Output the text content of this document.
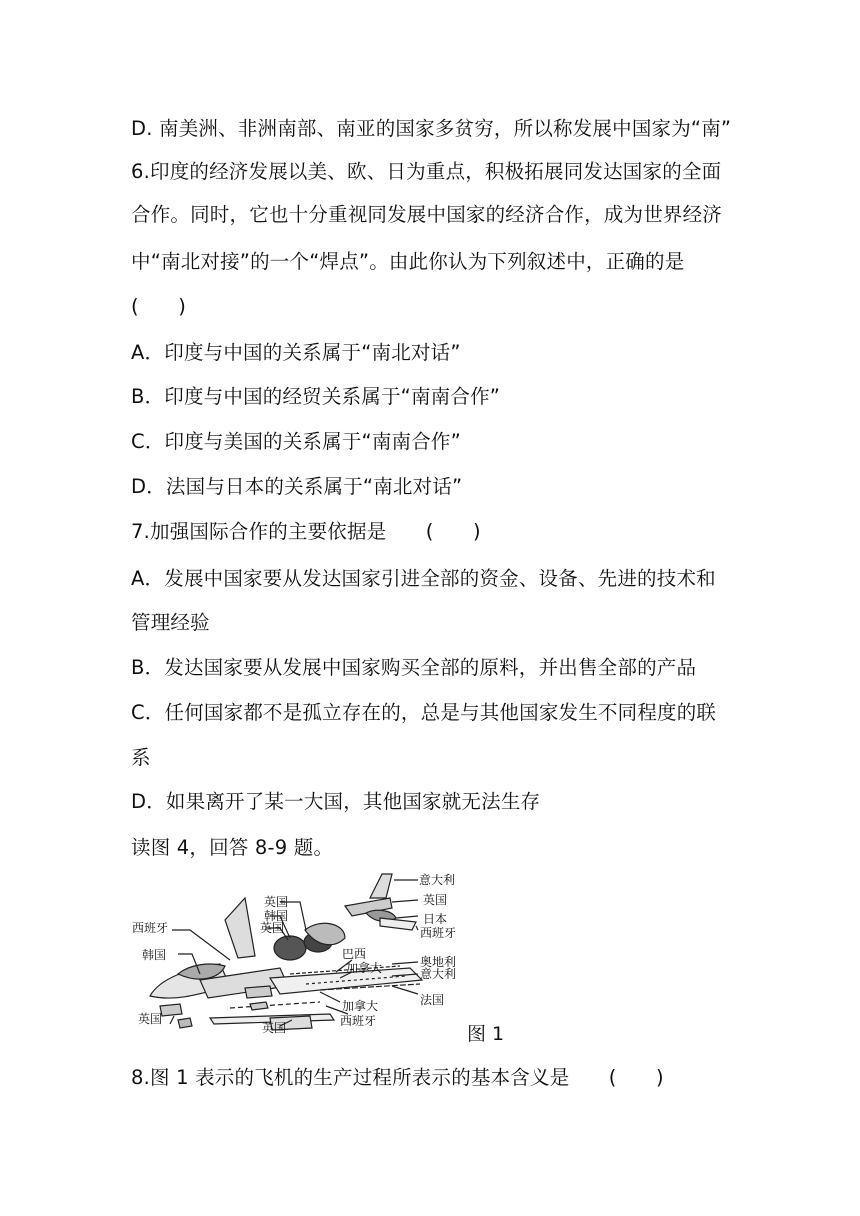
D. 南美洲、非洲南部、南亚的国家多贫穷，所以称发展中国家为“南”
6.印度的经济发展以美、欧、日为重点，积极拓展同发达国家的全面
合作。同时，它也十分重视同发展中国家的经济合作，成为世界经济
中“南北对接”的一个“焊点”。由此你认为下列叙述中，正确的是
(　　)
A．印度与中国的关系属于“南北对话”
B．印度与中国的经贸关系属于“南南合作”
C．印度与美国的关系属于“南南合作”
D．法国与日本的关系属于“南北对话”
7.加强国际合作的主要依据是　　(　　)
A．发展中国家要从发达国家引进全部的资金、设备、先进的技术和
管理经验
B．发达国家要从发展中国家购买全部的原料，并出售全部的产品
C．任何国家都不是孤立存在的，总是与其他国家发生不同程度的联
系
D．如果离开了某一大国，其他国家就无法生存
读图 4，回答 8-9 题。
8.图 1 表示的飞机的生产过程所表示的基本含义是　　(　　)
意大利
英国
日本
西班牙
英国
韩国
英国
西班牙
韩国	巴西
加拿大	奥地利
意大利
法国
加拿大
西班牙
英国
英国
图 1
